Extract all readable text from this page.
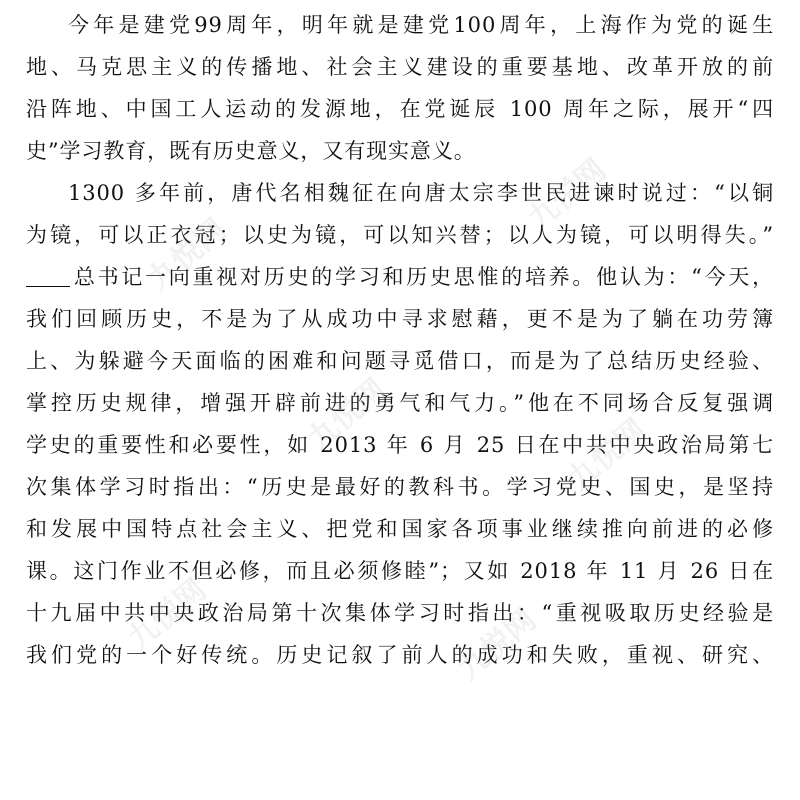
今年是建党99周年，明年就是建党100周年，上海作为党的诞生
地、马克思主义的传播地、社会主义建设的重要基地、改革开放的前
沿阵地、中国工人运动的发源地，在党诞辰 100 周年之际，展开“四
史”学习教育，既有历史意义，又有现实意义。
1300 多年前，唐代名相魏征在向唐太宗李世民进谏时说过：“以铜
为镜，可以正衣冠；以史为镜，可以知兴替；以人为镜，可以明得失。”
总书记一向重视对历史的学习和历史思惟的培养。他认为：“今天，
我们回顾历史，不是为了从成功中寻求慰藉，更不是为了躺在功劳簿
上、为躲避今天面临的困难和问题寻觅借口，而是为了总结历史经验、
掌控历史规律，增强开辟前进的勇气和气力。”他在不同场合反复强调
学史的重要性和必要性，如 2013 年 6 月 25 日在中共中央政治局第七
次集体学习时指出：“历史是最好的教科书。学习党史、国史，是坚持
和发展中国特点社会主义、把党和国家各项事业继续推向前进的必修
课。这门作业不但必修，而且必须修睦”；又如 2018 年 11 月 26 日在
十九届中共中央政治局第十次集体学习时指出：“重视吸取历史经验是
我们党的一个好传统。历史记叙了前人的成功和失败，重视、研究、
九悦网
九悦网
九悦网	九悦网
九悦网	九悦网
